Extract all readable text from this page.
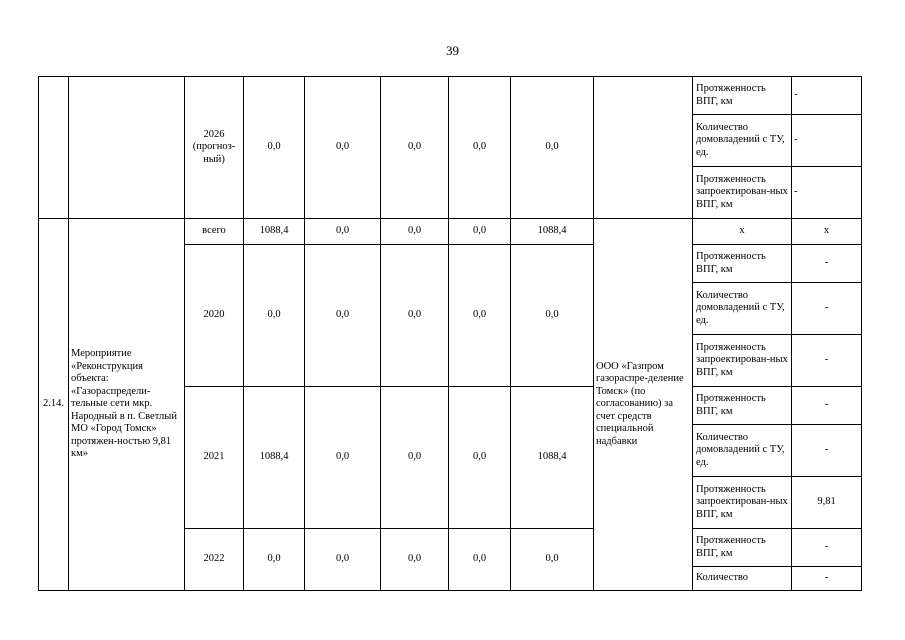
39
		2026 (прогноз-ный)	0,0	0,0	0,0	0,0	0,0		Протяженность ВПГ, км	-
									Количество домовладений с ТУ, ед.	-
									Протяженность запроектирован-ных ВПГ, км	-
2.14.	Мероприятие «Реконструкция объекта: «Газораспредели-тельные сети мкр. Народный в п. Светлый МО «Город Томск» протяжен-ностью 9,81 км»	всего	1088,4	0,0	0,0	0,0	1088,4	ООО «Газпром газораспре-деление Томск» (по согласованию) за счет средств специальной надбавки	х	х
		2020	0,0	0,0	0,0	0,0	0,0		Протяженность ВПГ, км	-
									Количество домовладений с ТУ, ед.	-
									Протяженность запроектирован-ных ВПГ, км	-
		2021	1088,4	0,0	0,0	0,0	1088,4		Протяженность ВПГ, км	-
									Количество домовладений с ТУ, ед.	-
									Протяженность запроектирован-ных ВПГ, км	9,81
		2022	0,0	0,0	0,0	0,0	0,0		Протяженность ВПГ, км	-
									Количество	-
